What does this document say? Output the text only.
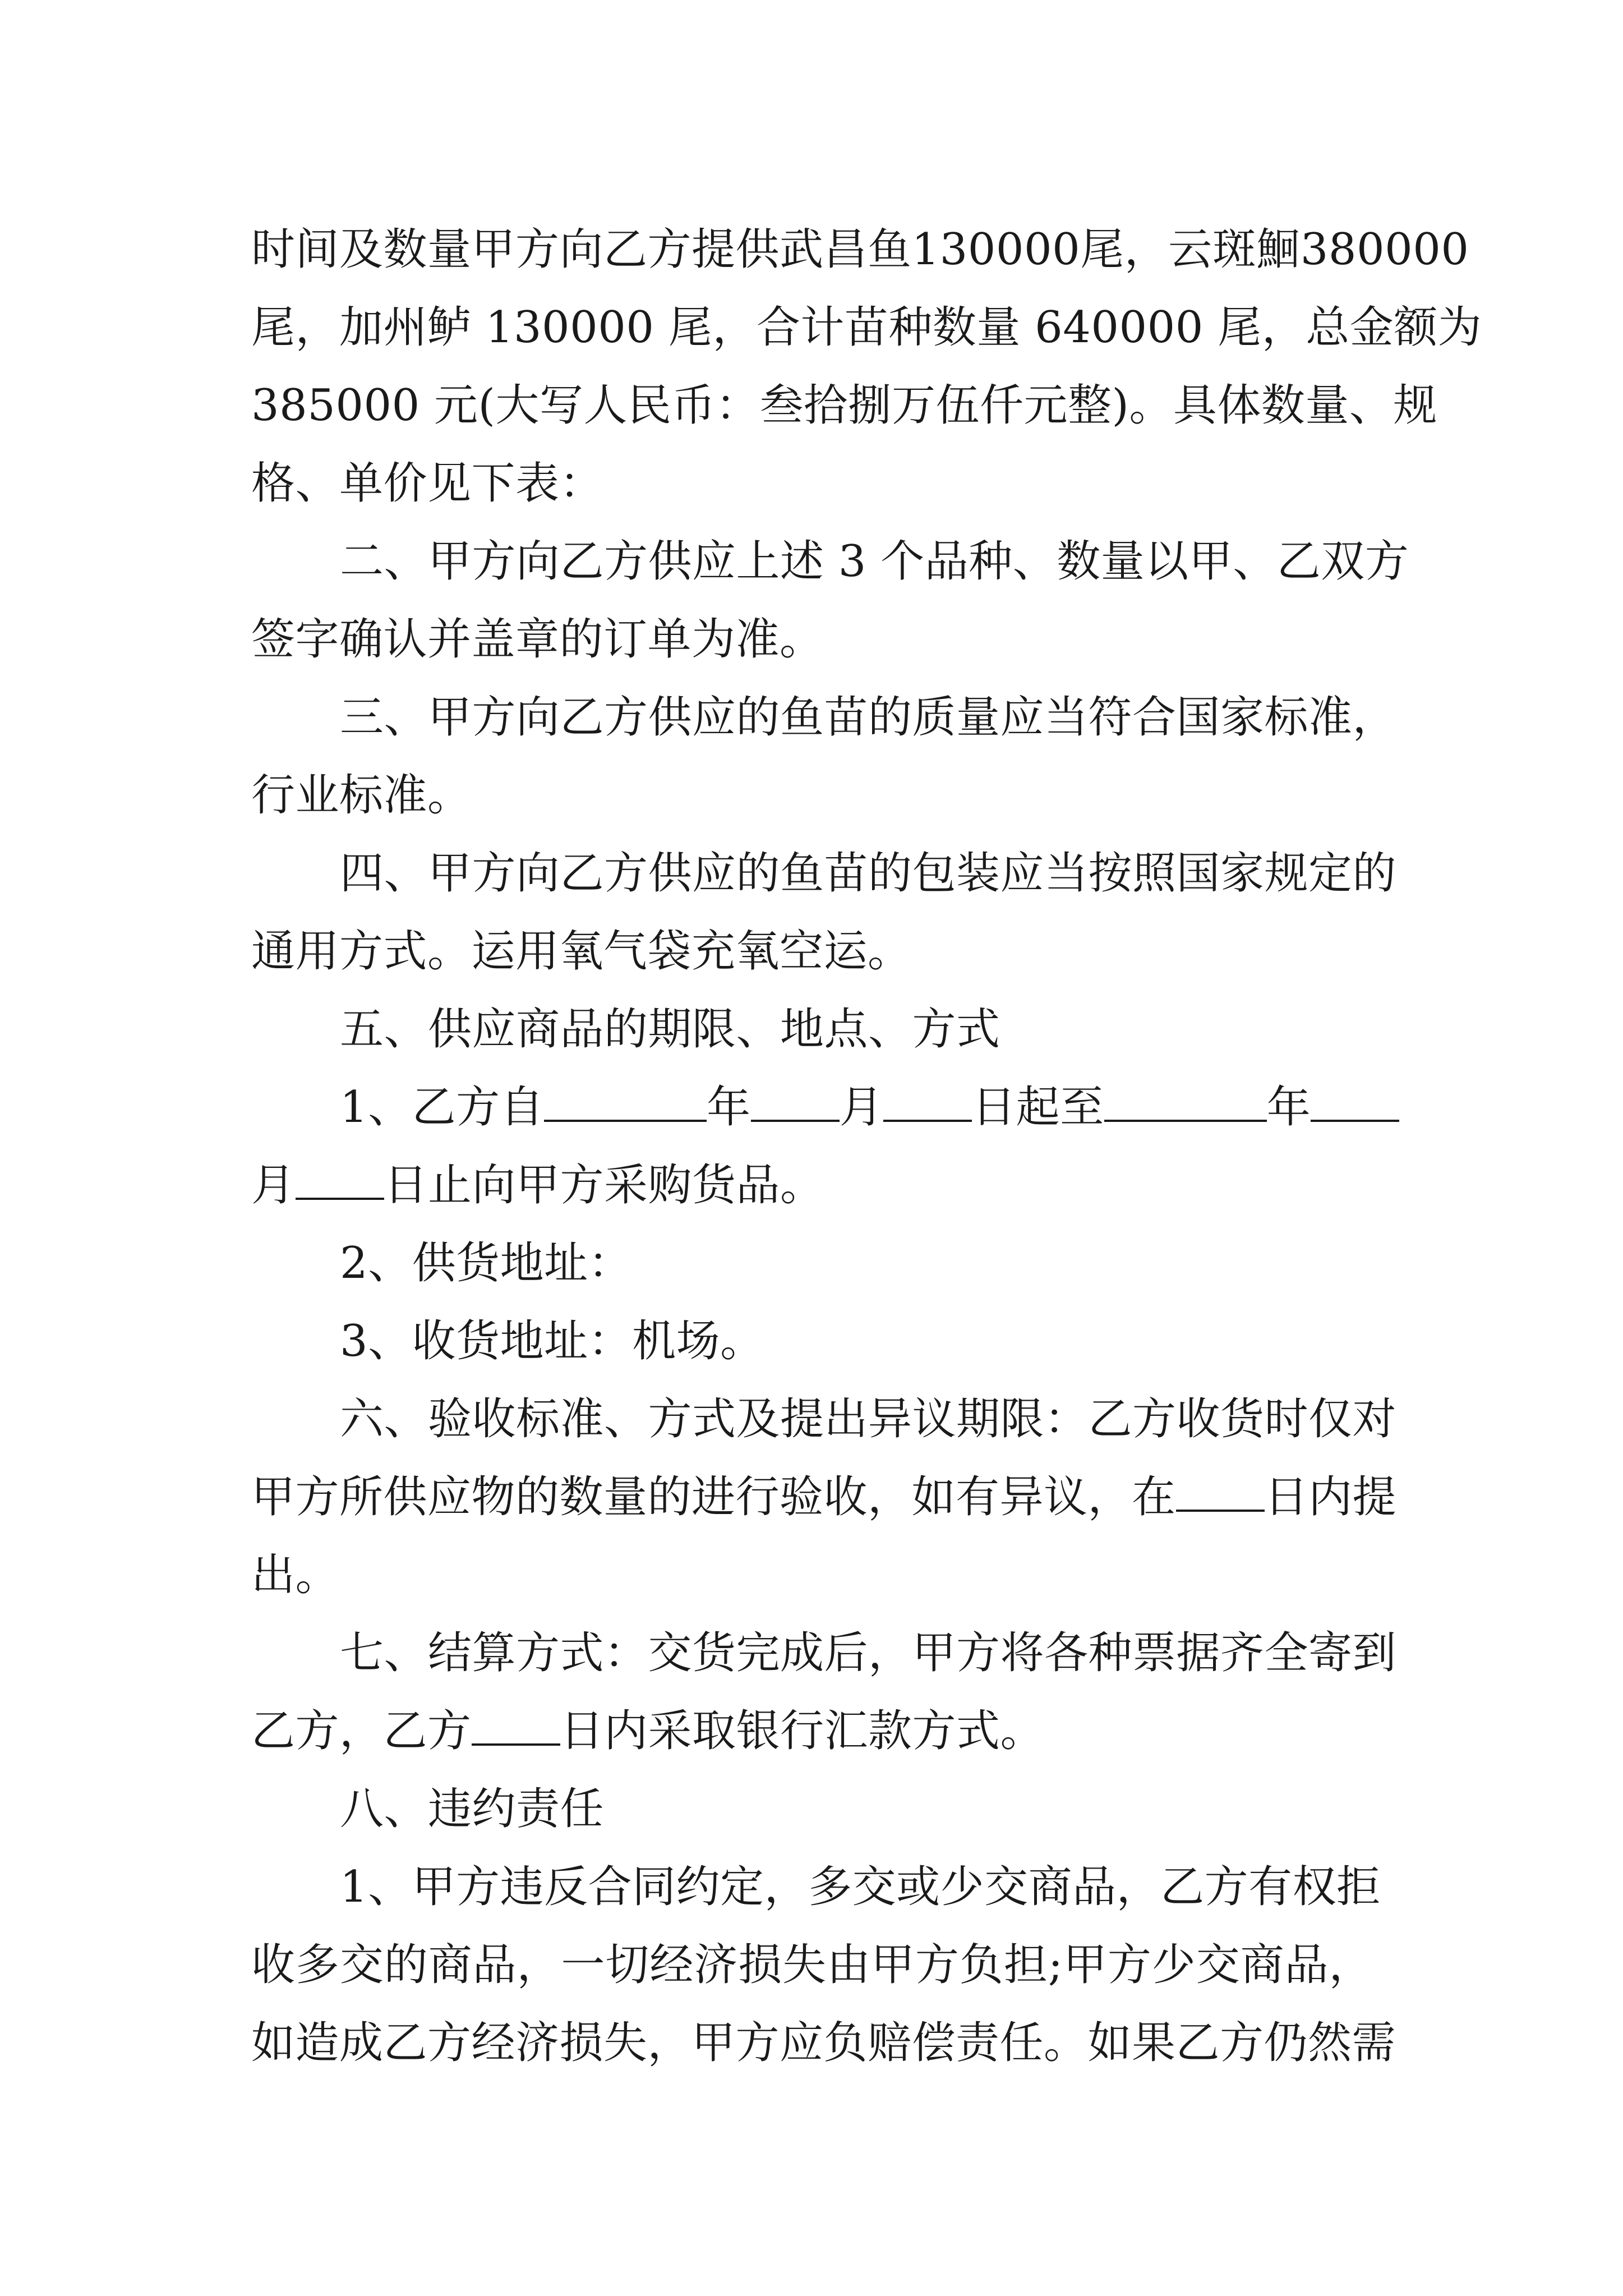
时间及数量甲方向乙方提供武昌鱼130000尾，云斑鮰380000
尾，加州鲈 130000 尾，合计苗种数量 640000 尾，总金额为
385000 元(大写人民币：叁拾捌万伍仟元整)。具体数量、规
格、单价见下表：
二、甲方向乙方供应上述 3 个品种、数量以甲、乙双方
签字确认并盖章的订单为准。
三、甲方向乙方供应的鱼苗的质量应当符合国家标准，
行业标准。
四、甲方向乙方供应的鱼苗的包装应当按照国家规定的
通用方式。运用氧气袋充氧空运。
五、供应商品的期限、地点、方式
1、乙方自	年 月 日起至	年
月 日止向甲方采购货品。
2、供货地址：
3、收货地址：机场。
六、验收标准、方式及提出异议期限：乙方收货时仅对
甲方所供应物的数量的进行验收，如有异议，在 日内提
出。
七、结算方式：交货完成后，甲方将各种票据齐全寄到
乙方，乙方 日内采取银行汇款方式。
八、违约责任
1、甲方违反合同约定，多交或少交商品，乙方有权拒
收多交的商品，一切经济损失由甲方负担;甲方少交商品，
如造成乙方经济损失，甲方应负赔偿责任。如果乙方仍然需
